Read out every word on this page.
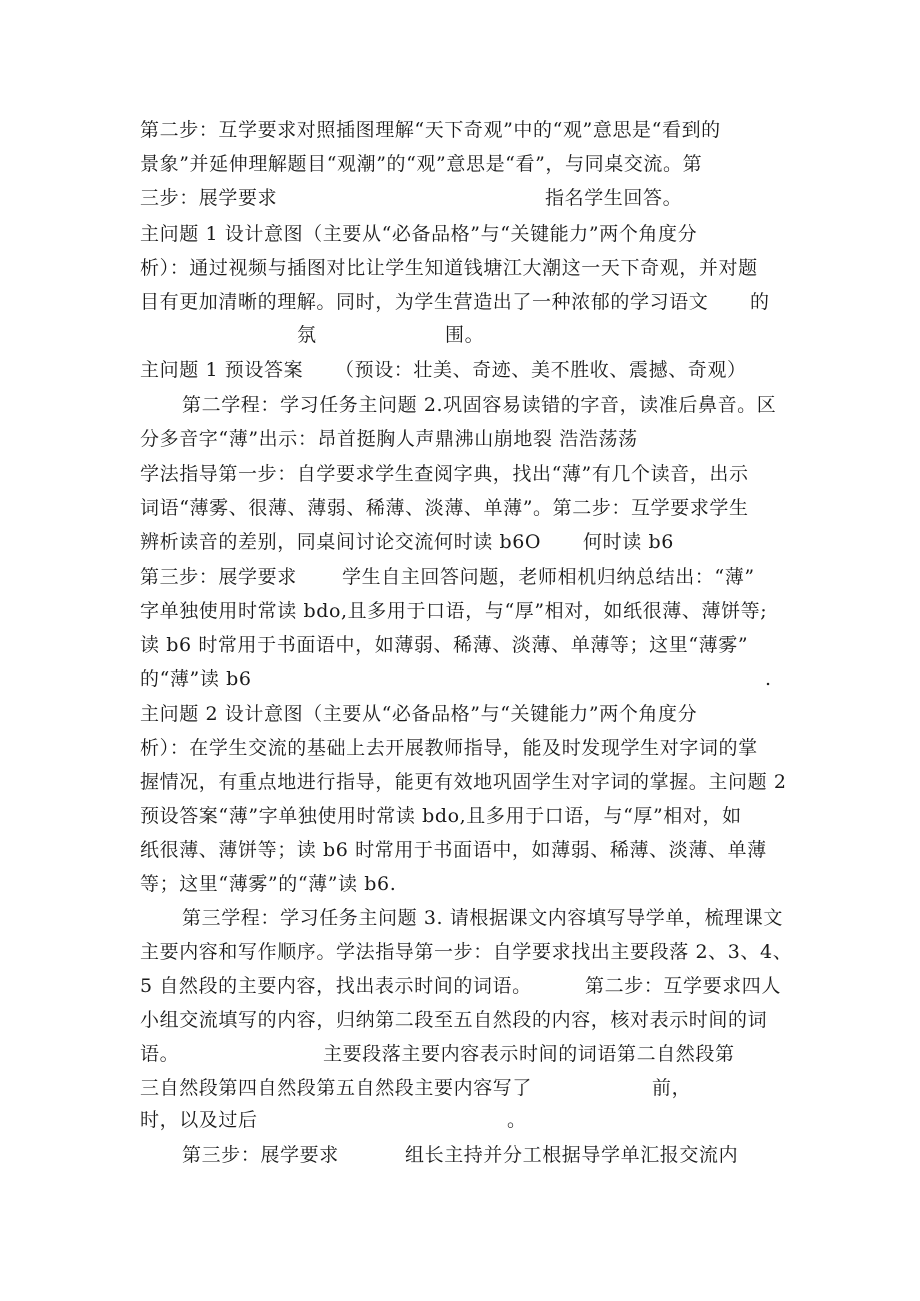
第二步：互学要求对照插图理解“天下奇观”中的“观”意思是“看到的
景象”并延伸理解题目“观潮”的“观”意思是“看”，与同桌交流。第
三步：展学要求	指名学生回答。
主问题 1 设计意图（主要从“必备品格”与“关键能力”两个角度分
析）：通过视频与插图对比让学生知道钱塘江大潮这一天下奇观，并对题
目有更加清晰的理解。同时，为学生营造出了一种浓郁的学习语文 的
氛	围。
主问题 1 预设答案 （预设：壮美、奇迹、美不胜收、震撼、奇观）
第二学程：学习任务主问题 2.巩固容易读错的字音，读准后鼻音。区
分多音字“薄”出示：昂首挺胸人声鼎沸山崩地裂 浩浩荡荡
学法指导第一步：自学要求学生查阅字典，找出“薄”有几个读音，出示
词语“薄雾、很薄、薄弱、稀薄、淡薄、单薄”。第二步：互学要求学生
辨析读音的差别，同桌间讨论交流何时读 b6O 何时读 b6
第三步：展学要求 学生自主回答问题，老师相机归纳总结出：“薄”
字单独使用时常读 bdo,且多用于口语，与“厚”相对，如纸很薄、薄饼等;
读 b6 时常用于书面语中，如薄弱、稀薄、淡薄、单薄等；这里“薄雾”
的“薄”读 b6	.
主问题 2 设计意图（主要从“必备品格”与“关键能力”两个角度分
析）：在学生交流的基础上去开展教师指导，能及时发现学生对字词的掌
握情况，有重点地进行指导，能更有效地巩固学生对字词的掌握。主问题 2
预设答案“薄”字单独使用时常读 bdo,且多用于口语，与“厚”相对，如
纸很薄、薄饼等；读 b6 时常用于书面语中，如薄弱、稀薄、淡薄、单薄
等；这里“薄雾”的“薄”读 b6.
第三学程：学习任务主问题 3. 请根据课文内容填写导学单，梳理课文
主要内容和写作顺序。学法指导第一步：自学要求找出主要段落 2、3、4、
5 自然段的主要内容，找出表示时间的词语。	第二步：互学要求四人
小组交流填写的内容，归纳第二段至五自然段的内容，核对表示时间的词
语。	主要段落主要内容表示时间的词语第二自然段第
三自然段第四自然段第五自然段主要内容写了	前，
时，以及过后	。
第三步：展学要求	组长主持并分工根据导学单汇报交流内
